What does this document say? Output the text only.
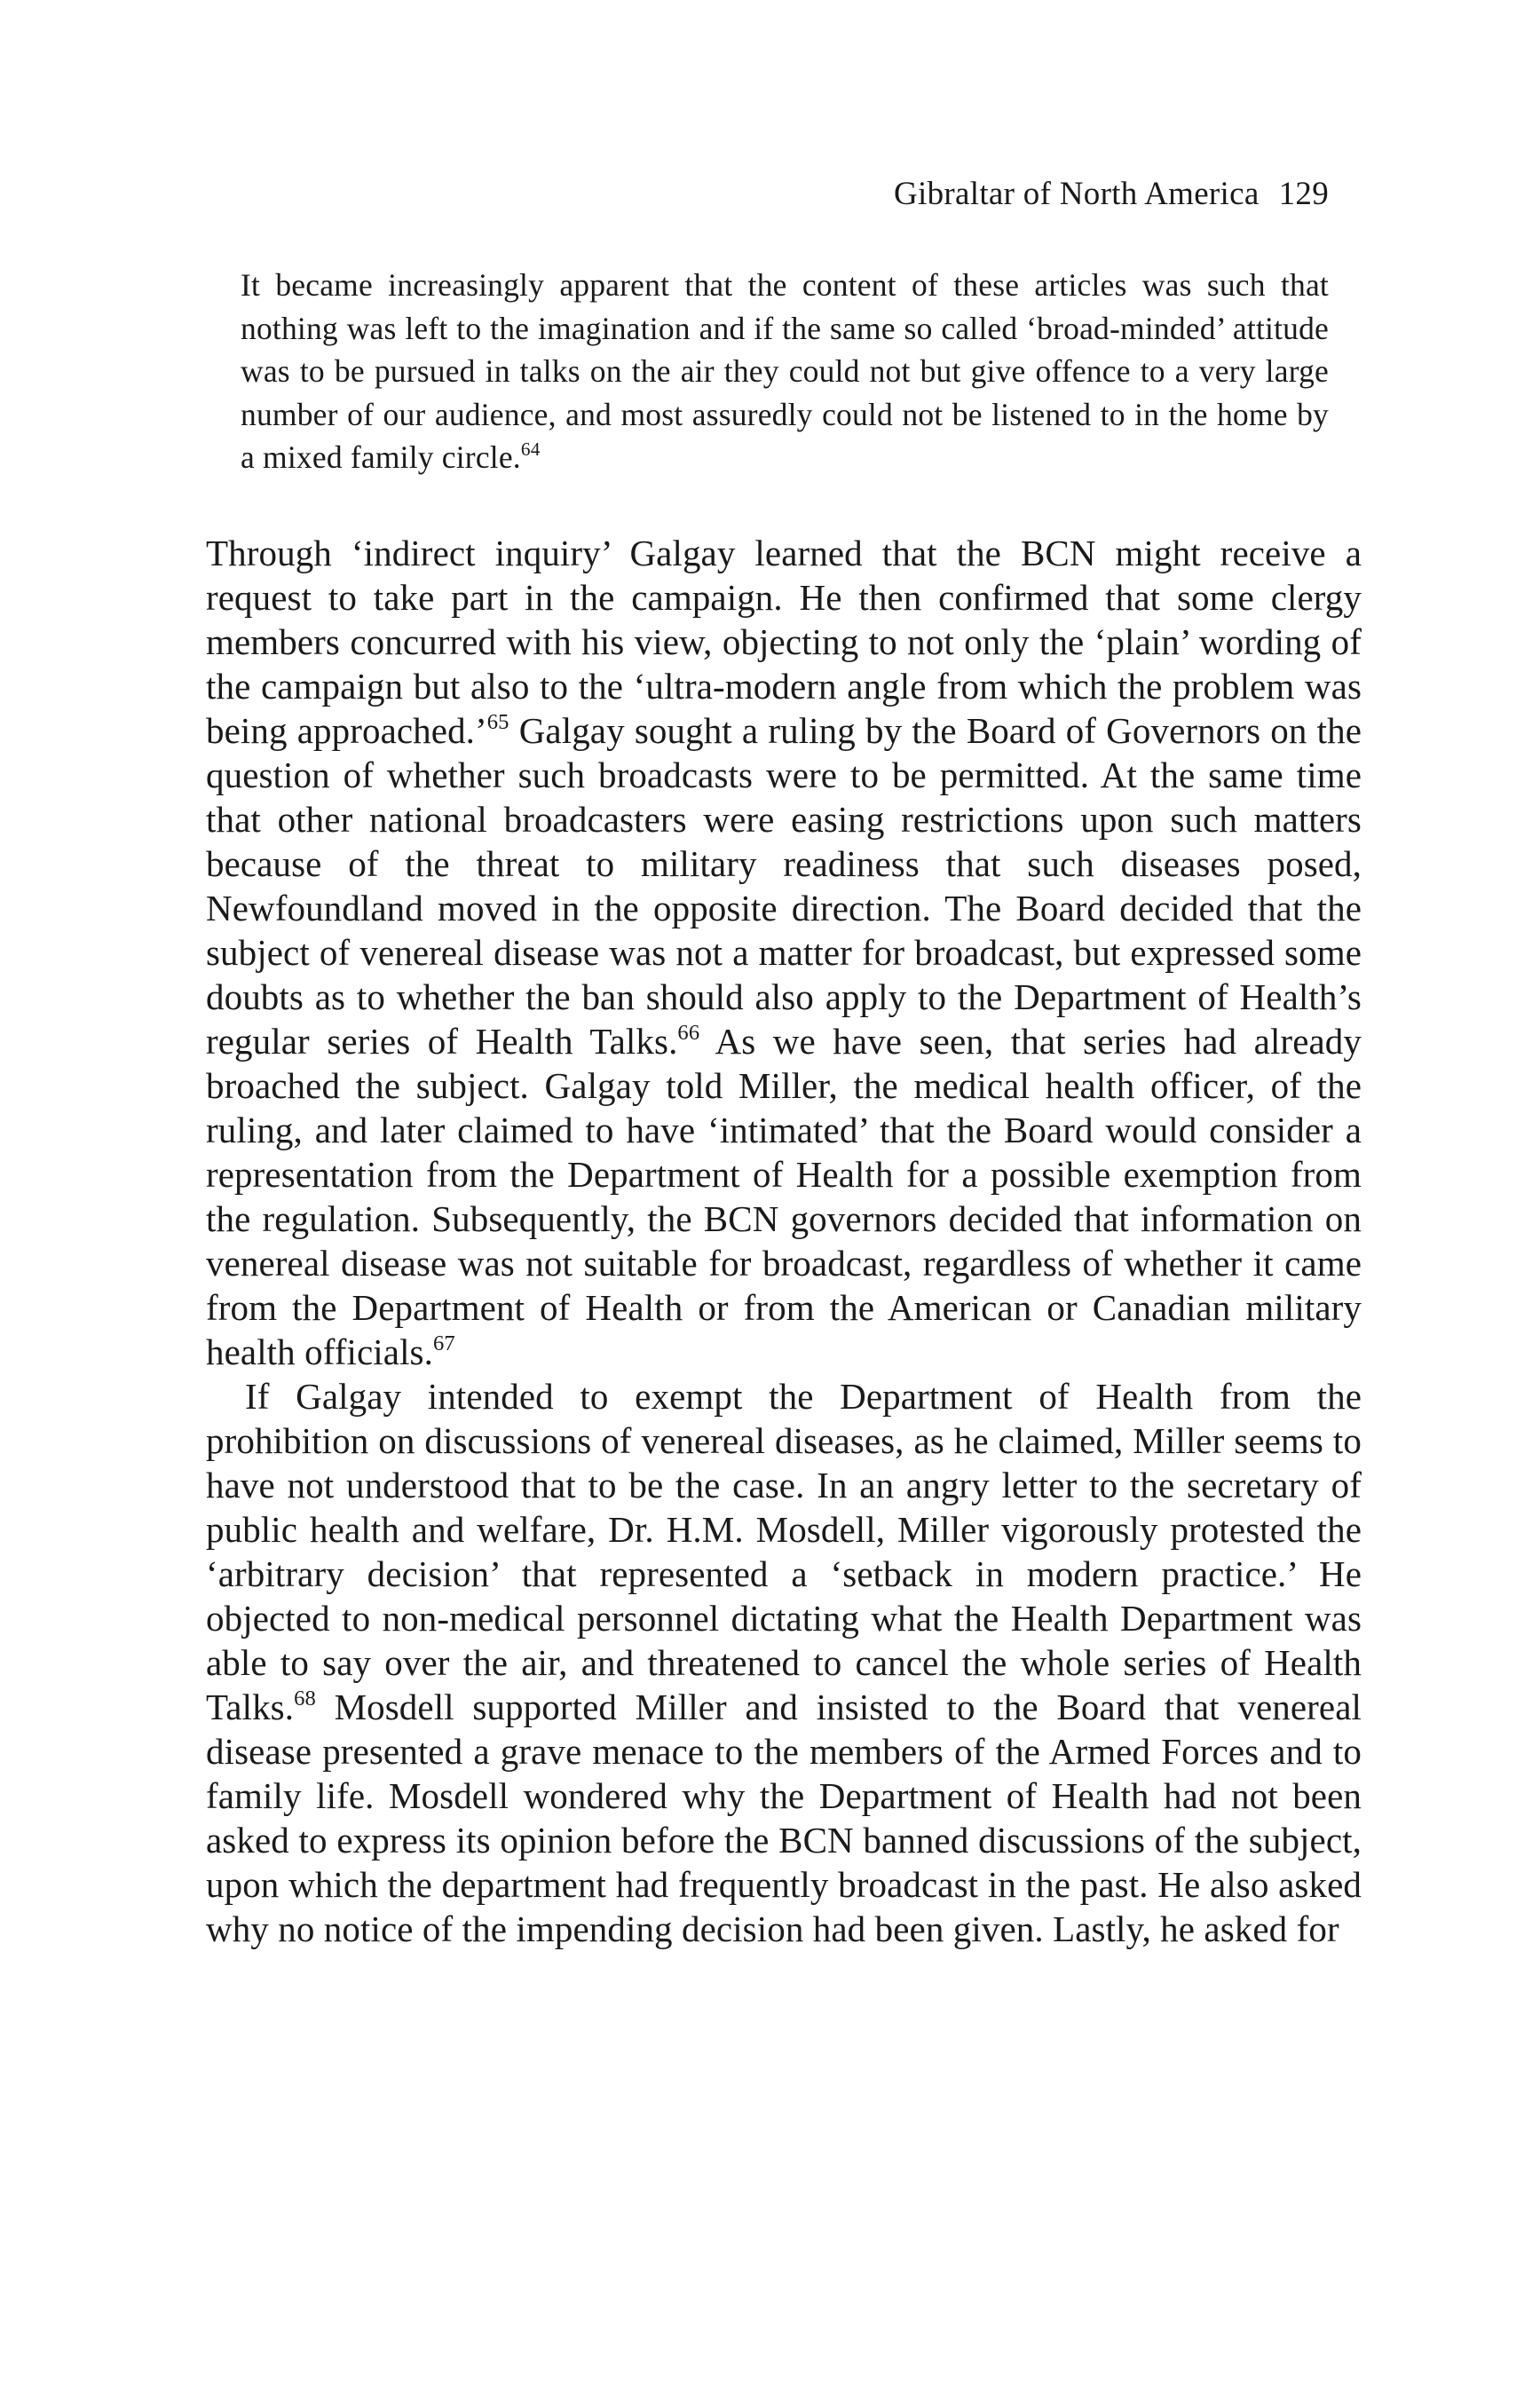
Gibraltar of North America 129

It became increasingly apparent that the content of these articles was such that nothing was left to the imagination and if the same so called ‘broad-minded’ attitude was to be pursued in talks on the air they could not but give offence to a very large number of our audience, and most assuredly could not be listened to in the home by a mixed family circle.$^{64}$

Through ‘indirect inquiry’ Galgay learned that the BCN might receive a request to take part in the campaign. He then confirmed that some clergy members concurred with his view, objecting to not only the ‘plain’ wording of the campaign but also to the ‘ultra-modern angle from which the problem was being approached.’$^{65}$ Galgay sought a ruling by the Board of Governors on the question of whether such broadcasts were to be permitted. At the same time that other national broadcasters were easing restrictions upon such matters because of the threat to military readiness that such diseases posed, Newfoundland moved in the opposite direction. The Board decided that the subject of venereal disease was not a matter for broadcast, but expressed some doubts as to whether the ban should also apply to the Department of Health’s regular series of Health Talks.$^{66}$ As we have seen, that series had already broached the subject. Galgay told Miller, the medical health officer, of the ruling, and later claimed to have ‘intimated’ that the Board would consider a representation from the Department of Health for a possible exemption from the regulation. Subsequently, the BCN governors decided that information on venereal disease was not suitable for broadcast, regardless of whether it came from the Department of Health or from the American or Canadian military health officials.$^{67}$

If Galgay intended to exempt the Department of Health from the prohibition on discussions of venereal diseases, as he claimed, Miller seems to have not understood that to be the case. In an angry letter to the secretary of public health and welfare, Dr. H.M. Mosdell, Miller vigorously protested the ‘arbitrary decision’ that represented a ‘setback in modern practice.’ He objected to non-medical personnel dictating what the Health Department was able to say over the air, and threatened to cancel the whole series of Health Talks.$^{68}$ Mosdell supported Miller and insisted to the Board that venereal disease presented a grave menace to the members of the Armed Forces and to family life. Mosdell wondered why the Department of Health had not been asked to express its opinion before the BCN banned discussions of the subject, upon which the department had frequently broadcast in the past. He also asked why no notice of the impending decision had been given. Lastly, he asked for
